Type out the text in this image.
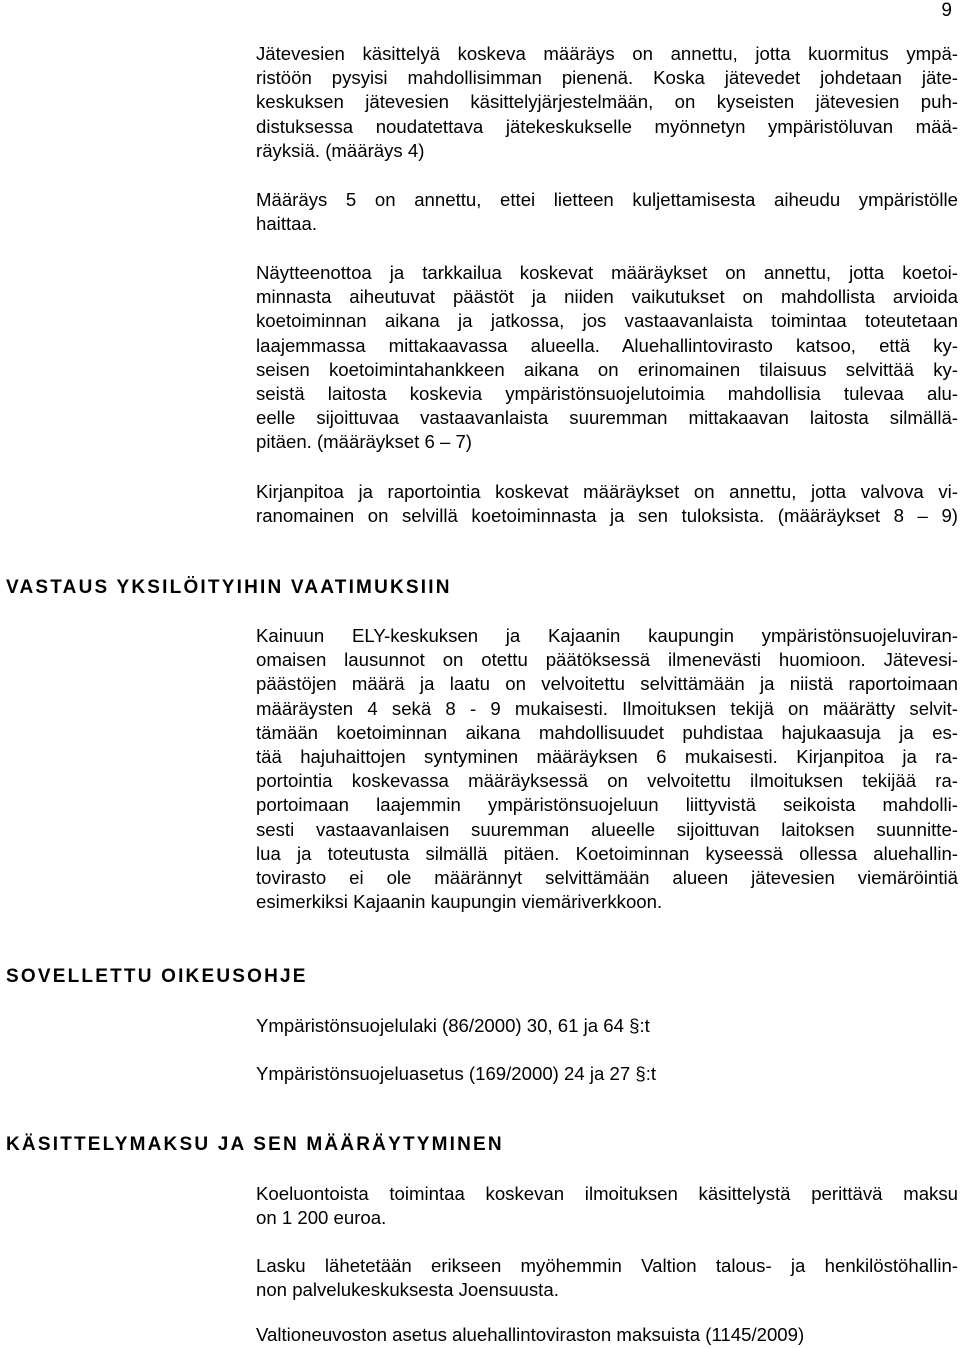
9
Jätevesien käsittelyä koskeva määräys on annettu, jotta kuormitus ympä-
ristöön pysyisi mahdollisimman pienenä. Koska jätevedet johdetaan jäte-
keskuksen jätevesien käsittelyjärjestelmään, on kyseisten jätevesien puh-
distuksessa noudatettava jätekeskukselle myönnetyn ympäristöluvan mää-
räyksiä. (määräys 4)
Määräys 5 on annettu, ettei lietteen kuljettamisesta aiheudu ympäristölle
haittaa.
Näytteenottoa ja tarkkailua koskevat määräykset on annettu, jotta koetoi-
minnasta aiheutuvat päästöt ja niiden vaikutukset on mahdollista arvioida
koetoiminnan aikana ja jatkossa, jos vastaavanlaista toimintaa toteutetaan
laajemmassa mittakaavassa alueella. Aluehallintovirasto katsoo, että ky-
seisen koetoimintahankkeen aikana on erinomainen tilaisuus selvittää ky-
seistä laitosta koskevia ympäristönsuojelutoimia mahdollisia tulevaa alu-
eelle sijoittuvaa vastaavanlaista suuremman mittakaavan laitosta silmällä-
pitäen. (määräykset 6 – 7)
Kirjanpitoa ja raportointia koskevat määräykset on annettu, jotta valvova vi-
ranomainen on selvillä koetoiminnasta ja sen tuloksista. (määräykset 8 – 9)
VASTAUS YKSILÖITYIHIN VAATIMUKSIIN
Kainuun ELY-keskuksen ja Kajaanin kaupungin ympäristönsuojeluviran-
omaisen lausunnot on otettu päätöksessä ilmenevästi huomioon. Jätevesi-
päästöjen määrä ja laatu on velvoitettu selvittämään ja niistä raportoimaan
määräysten 4 sekä 8 - 9 mukaisesti. Ilmoituksen tekijä on määrätty selvit-
tämään koetoiminnan aikana mahdollisuudet puhdistaa hajukaasuja ja es-
tää hajuhaittojen syntyminen määräyksen 6 mukaisesti. Kirjanpitoa ja ra-
portointia koskevassa määräyksessä on velvoitettu ilmoituksen tekijää ra-
portoimaan laajemmin ympäristönsuojeluun liittyvistä seikoista mahdolli-
sesti vastaavanlaisen suuremman alueelle sijoittuvan laitoksen suunnitte-
lua ja toteutusta silmällä pitäen. Koetoiminnan kyseessä ollessa aluehallin-
tovirasto ei ole määrännyt selvittämään alueen jätevesien viemäröintiä
esimerkiksi Kajaanin kaupungin viemäriverkkoon.
SOVELLETTU OIKEUSOHJE
Ympäristönsuojelulaki (86/2000) 30, 61 ja 64 §:t
Ympäristönsuojeluasetus (169/2000) 24 ja 27 §:t
KÄSITTELYMAKSU JA SEN MÄÄRÄYTYMINEN
Koeluontoista toimintaa koskevan ilmoituksen käsittelystä perittävä maksu
on 1 200 euroa.
Lasku lähetetään erikseen myöhemmin Valtion talous- ja henkilöstöhallin-
non palvelukeskuksesta Joensuusta.
Valtioneuvoston asetus aluehallintoviraston maksuista (1145/2009)
